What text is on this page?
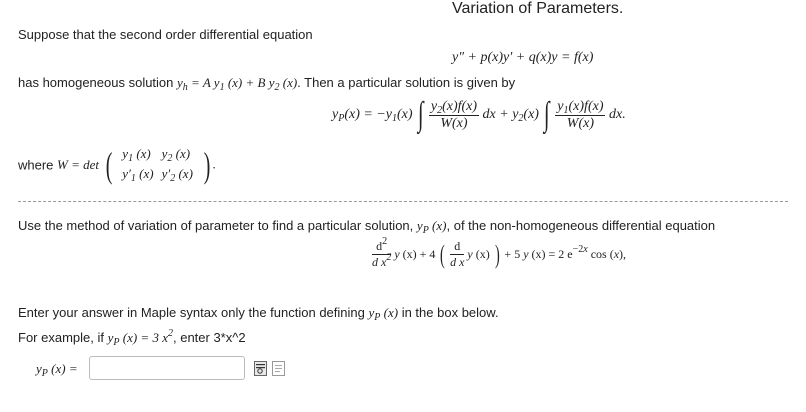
Variation of Parameters.
Suppose that the second order differential equation
y″ + p(x)y′ + q(x)y = f(x)
has homogeneous solution $y_h = A$ $y_1$ (x) + B $y_2$ (x). Then a particular solution is given by
$y_P(x) = -y_1(x)$ ∫ $\frac{y_2(x)f(x)}{W(x)}$ dx + $y_2(x)$ ∫ $\frac{y_1(x)f(x)}{W(x)}$ dx.
where W = det ( $y_1$ (x)	$y_2$ (x)
$y'_1$ (x)	$y'_2$ (x) ) .
Use the method of variation of parameter to find a particular solution, $y_P$ (x), of the non-homogeneous differential equation
$\frac{d^2}{d x^2}$ y (x) + 4 ( $\frac{d}{\text{d x}}$ y (x) ) + 5 y (x) = 2 $e^{-2x}$ cos (x),
Enter your answer in Maple syntax only the function defining $y_P$ (x) in the box below.
For example, if $y_P$ (x) = 3 $x^2$, enter 3*x^2
$y_P$ (x) =
